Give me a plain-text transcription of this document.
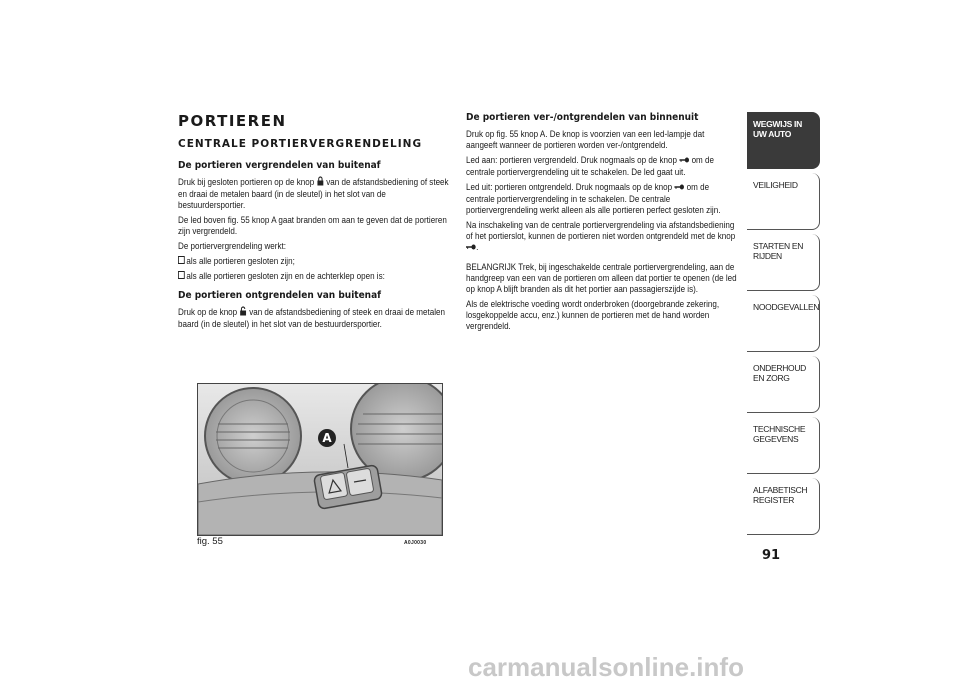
PORTIEREN
CENTRALE PORTIERVERGRENDELING
De portieren vergrendelen van buitenaf
Druk bij gesloten portieren op de knop van de afstandsbediening of steek en draai de metalen baard (in de sleutel) in het slot van de bestuurdersportier.
De led boven fig. 55 knop A gaat branden om aan te geven dat de portieren zijn vergrendeld.
De portiervergrendeling werkt:
als alle portieren gesloten zijn;
als alle portieren gesloten zijn en de achterklep open is:
De portieren ontgrendelen van buitenaf
Druk op de knop van de afstandsbediening of steek en draai de metalen baard (in de sleutel) in het slot van de bestuurdersportier.
A
fig. 55	A0J0030
De portieren ver-/ontgrendelen van binnenuit
Druk op fig. 55 knop A. De knop is voorzien van een led-lampje dat aangeeft wanneer de portieren worden ver-/ontgrendeld.
Led aan: portieren vergrendeld. Druk nogmaals op de knop om de centrale portiervergrendeling uit te schakelen. De led gaat uit.
Led uit: portieren ontgrendeld. Druk nogmaals op de knop om de centrale portiervergrendeling in te schakelen. De centrale portiervergrendeling werkt alleen als alle portieren perfect gesloten zijn.
Na inschakeling van de centrale portiervergrendeling via afstandsbediening of het portierslot, kunnen de portieren niet worden ontgrendeld met de knop .
BELANGRIJK Trek, bij ingeschakelde centrale portiervergrendeling, aan de handgreep van een van de portieren om alleen dat portier te openen (de led op knop A blijft branden als dit het portier aan passagierszijde is).
Als de elektrische voeding wordt onderbroken (doorgebrande zekering, losgekoppelde accu, enz.) kunnen de portieren met de hand worden vergrendeld.
WEGWIJS IN UW AUTO
VEILIGHEID
STARTEN EN RIJDEN
NOODGEVALLEN
ONDERHOUD EN ZORG
TECHNISCHE GEGEVENS
ALFABETISCH REGISTER
91
carmanualsonline.info
